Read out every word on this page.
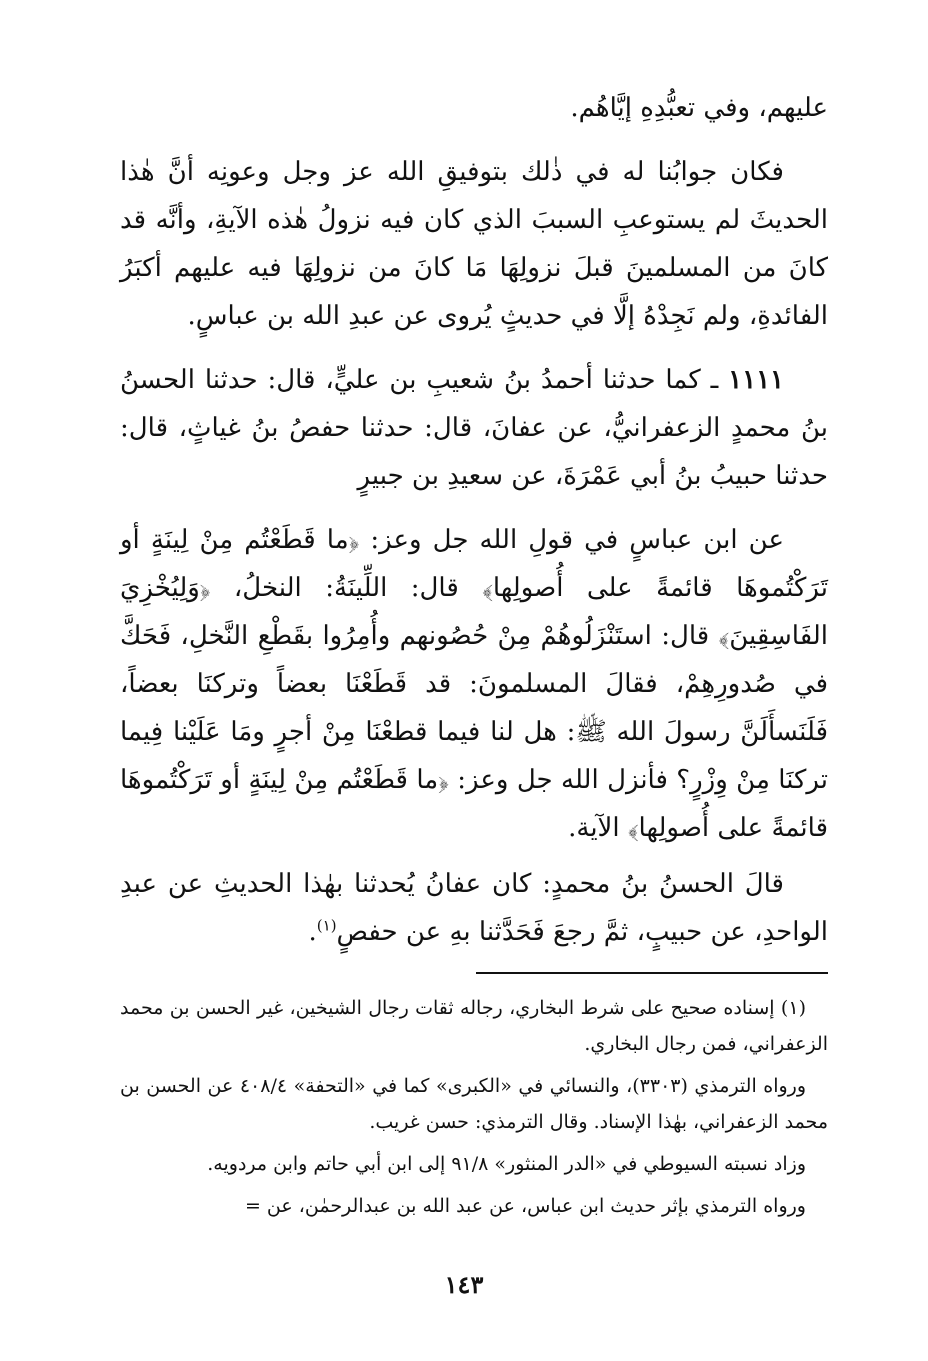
عليهم، وفي تعبُّدِهِ إيَّاهُم.

فكان جوابُنا له في ذٰلك بتوفيقِ الله عز وجل وعونِه أنَّ هٰذا الحديثَ لم يستوعبِ السببَ الذي كان فيه نزولُ هٰذه الآيةِ، وأنَّه قد كانَ من المسلمينَ قبلَ نزولِهَا مَا كانَ من نزولِهَا فيه عليهم أكبَرُ الفائدةِ، ولم نَجِدْهُ إلَّا في حديثٍ يُروى عن عبدِ الله بن عباسٍ.

١١١١ ـ كما حدثنا أحمدُ بنُ شعيبِ بن عليٍّ، قال: حدثنا الحسنُ بنُ محمدٍ الزعفرانيُّ، عن عفانَ، قال: حدثنا حفصُ بنُ غياثٍ، قال: حدثنا حبيبُ بنُ أبي عَمْرَةَ، عن سعيدِ بن جبيرٍ

عن ابن عباسٍ في قولِ الله جل وعز: ﴿ما قَطَعْتُم مِنْ لِينَةٍ أو تَرَكْتُموهَا قائمةً على أُصولِها﴾ قال: اللِّينَةُ: النخلُ، ﴿وَلِيُخْزِيَ الفَاسِقِينَ﴾ قال: استَنْزَلُوهُمْ مِنْ حُصُونهم وأُمِرُوا بقَطْعِ النَّخلِ، فَحَكَّ في صُدورِهِمْ، فقالَ المسلمونَ: قد قَطَعْنَا بعضاً وتركنَا بعضاً، فَلَنَسأَلَنَّ رسولَ الله ﷺ: هل لنا فيما قطعْنَا مِنْ أجرٍ ومَا عَلَيْنا فِيما تركنَا مِنْ وِزْرٍ؟ فأنزل الله جل وعز: ﴿ما قَطَعْتُم مِنْ لِينَةٍ أو تَرَكْتُموهَا قائمةً على أُصولِها﴾ الآية.

قالَ الحسنُ بنُ محمدٍ: كان عفانُ يُحدثنا بهٰذا الحديثِ عن عبدِ الواحدِ، عن حبيبٍ، ثمَّ رجعَ فَحَدَّثنا بهِ عن حفصٍ$^{(١)}$.

(١) إسناده صحيح على شرط البخاري، رجاله ثقات رجال الشيخين، غير الحسن بن محمد الزعفراني، فمن رجال البخاري.

ورواه الترمذي (٣٣٠٣)، والنسائي في «الكبرى» كما في «التحفة» ٤٠٨/٤ عن الحسن بن محمد الزعفراني، بهٰذا الإسناد. وقال الترمذي: حسن غريب.

وزاد نسبته السيوطي في «الدر المنثور» ٩١/٨ إلى ابن أبي حاتم وابن مردويه.

ورواه الترمذي بإثر حديث ابن عباس، عن عبد الله بن عبدالرحمٰن، عن =

١٤٣
